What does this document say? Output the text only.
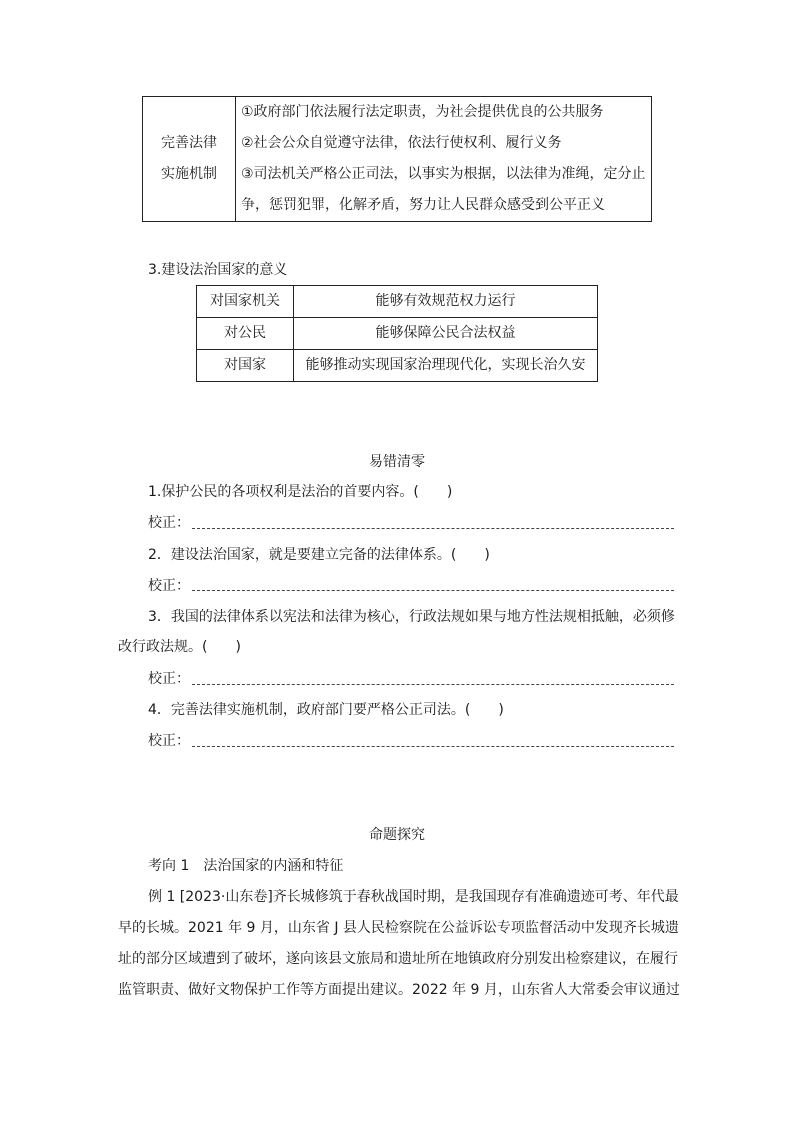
完善法律
实施机制

①政府部门依法履行法定职责，为社会提供优良的公共服务
②社会公众自觉遵守法律，依法行使权利、履行义务
③司法机关严格公正司法，以事实为根据，以法律为准绳，定分止
争，惩罚犯罪，化解矛盾，努力让人民群众感受到公平正义
3.建设法治国家的意义
对国家机关	能够有效规范权力运行
对公民	能够保障公民合法权益
对国家	能够推动实现国家治理现代化，实现长治久安
易错清零
1.保护公民的各项权利是法治的首要内容。(　　)
校正：
2．建设法治国家，就是要建立完备的法律体系。(　　)
校正：
3．我国的法律体系以宪法和法律为核心，行政法规如果与地方性法规相抵触，必须修
改行政法规。(　　)
校正：
4．完善法律实施机制，政府部门要严格公正司法。(　　)
校正：
命题探究
考向 1　法治国家的内涵和特征
例 1 [2023·山东卷]齐长城修筑于春秋战国时期，是我国现存有准确遗迹可考、年代最
早的长城。2021 年 9 月，山东省 J 县人民检察院在公益诉讼专项监督活动中发现齐长城遗
址的部分区域遭到了破坏，遂向该县文旅局和遗址所在地镇政府分别发出检察建议，在履行
监管职责、做好文物保护工作等方面提出建议。2022 年 9 月，山东省人大常委会审议通过
